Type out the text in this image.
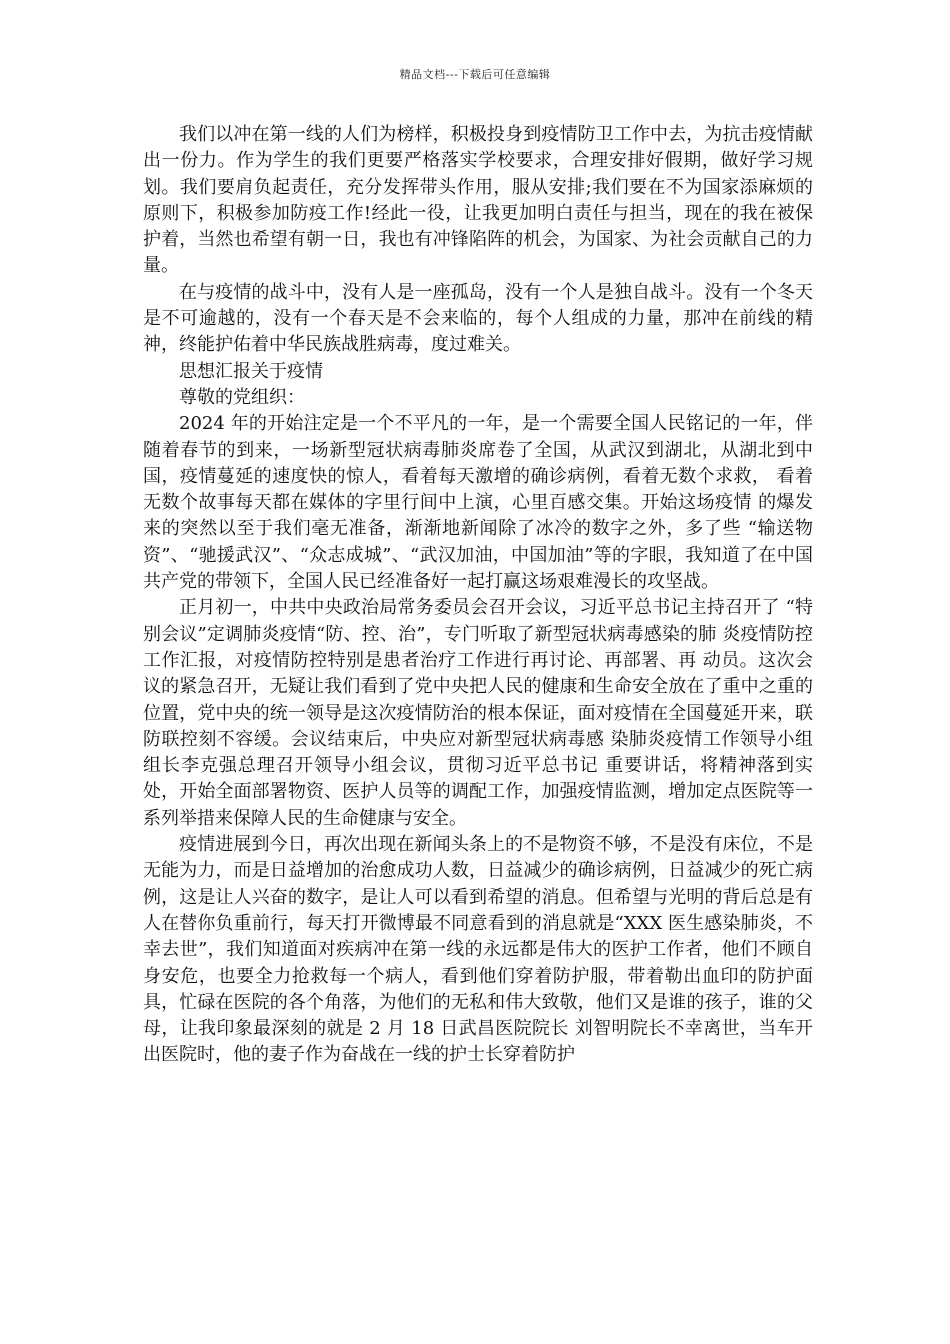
精品文档---下载后可任意编辑

我们以冲在第一线的人们为榜样，积极投身到疫情防卫工作中去，为抗击疫情献出一份力。作为学生的我们更要严格落实学校要求，合理安排好假期，做好学习规划。我们要肩负起责任，充分发挥带头作用，服从安排;我们要在不为国家添麻烦的原则下，积极参加防疫工作!经此一役，让我更加明白责任与担当，现在的我在被保护着，当然也希望有朝一日，我也有冲锋陷阵的机会，为国家、为社会贡献自己的力量。

在与疫情的战斗中，没有人是一座孤岛，没有一个人是独自战斗。没有一个冬天是不可逾越的，没有一个春天是不会来临的，每个人组成的力量，那冲在前线的精神，终能护佑着中华民族战胜病毒，度过难关。

思想汇报关于疫情

尊敬的党组织：

2024 年的开始注定是一个不平凡的一年，是一个需要全国人民铭记的一年，伴随着春节的到来，一场新型冠状病毒肺炎席卷了全国，从武汉到湖北，从湖北到中国，疫情蔓延的速度快的惊人，看着每天激增的确诊病例，看着无数个求救， 看着无数个故事每天都在媒体的字里行间中上演，心里百感交集。开始这场疫情 的爆发来的突然以至于我们毫无准备，渐渐地新闻除了冰冷的数字之外，多了些 “输送物资”、“驰援武汉”、“众志成城”、“武汉加油，中国加油”等的字眼，我知道了在中国共产党的带领下，全国人民已经准备好一起打赢这场艰难漫长的攻坚战。

正月初一，中共中央政治局常务委员会召开会议，习近平总书记主持召开了 “特别会议”定调肺炎疫情“防、控、治”，专门听取了新型冠状病毒感染的肺 炎疫情防控工作汇报，对疫情防控特别是患者治疗工作进行再讨论、再部署、再 动员。这次会议的紧急召开，无疑让我们看到了党中央把人民的健康和生命安全放在了重中之重的位置，党中央的统一领导是这次疫情防治的根本保证，面对疫情在全国蔓延开来，联防联控刻不容缓。会议结束后，中央应对新型冠状病毒感 染肺炎疫情工作领导小组组长李克强总理召开领导小组会议，贯彻习近平总书记 重要讲话，将精神落到实处，开始全面部署物资、医护人员等的调配工作，加强疫情监测，增加定点医院等一系列举措来保障人民的生命健康与安全。

疫情进展到今日，再次出现在新闻头条上的不是物资不够，不是没有床位，不是无能为力，而是日益增加的治愈成功人数，日益减少的确诊病例，日益减少的死亡病例，这是让人兴奋的数字，是让人可以看到希望的消息。但希望与光明的背后总是有人在替你负重前行，每天打开微博最不同意看到的消息就是“XXX 医生感染肺炎，不幸去世”，我们知道面对疾病冲在第一线的永远都是伟大的医护工作者，他们不顾自身安危，也要全力抢救每一个病人，看到他们穿着防护服，带着勒出血印的防护面具，忙碌在医院的各个角落，为他们的无私和伟大致敬，他们又是谁的孩子，谁的父母，让我印象最深刻的就是 2 月 18 日武昌医院院长 刘智明院长不幸离世，当车开出医院时，他的妻子作为奋战在一线的护士长穿着防护
